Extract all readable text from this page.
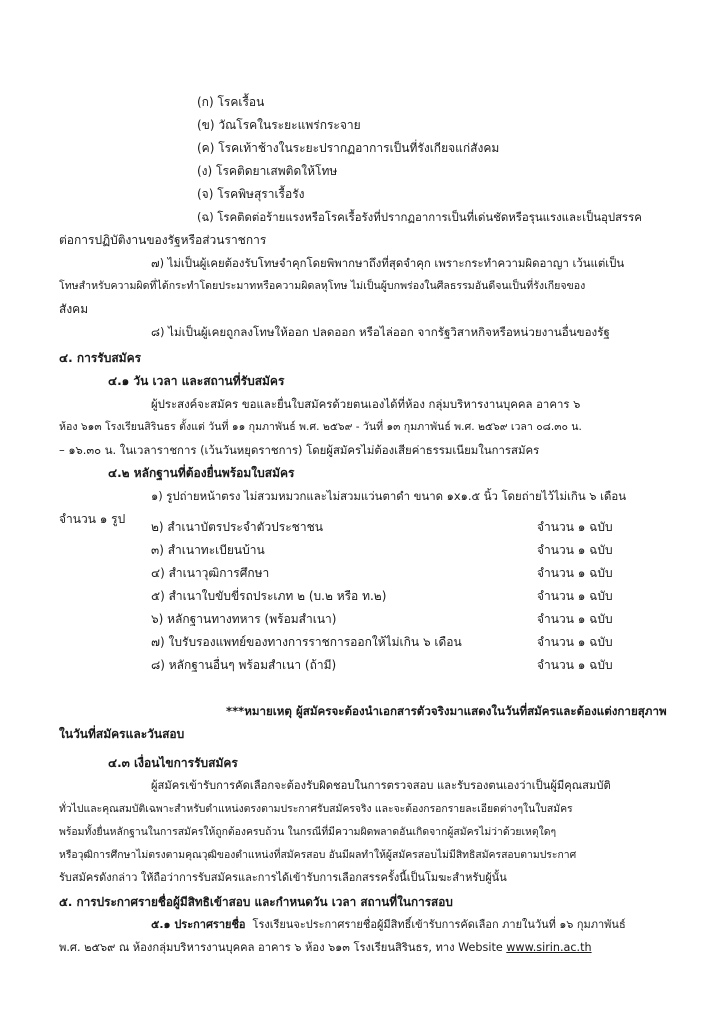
(ก) โรคเรื้อน
(ข) วัณโรคในระยะแพร่กระจาย
(ค) โรคเท้าช้างในระยะปรากฏอาการเป็นที่รังเกียจแก่สังคม
(ง) โรคติดยาเสพติดให้โทษ
(จ) โรคพิษสุราเรื้อรัง
(ฉ) โรคติดต่อร้ายแรงหรือโรคเรื้อรังที่ปรากฏอาการเป็นที่เด่นชัดหรือรุนแรงและเป็นอุปสรรค
ต่อการปฏิบัติงานของรัฐหรือส่วนราชการ
๗) ไม่เป็นผู้เคยต้องรับโทษจำคุกโดยพิพากษาถึงที่สุดจำคุก เพราะกระทำความผิดอาญา เว้นแต่เป็น
โทษสำหรับความผิดที่ได้กระทำโดยประมาทหรือความผิดลหุโทษ ไม่เป็นผู้บกพร่องในศีลธรรมอันดีจนเป็นที่รังเกียจของ
สังคม
๘) ไม่เป็นผู้เคยถูกลงโทษให้ออก ปลดออก หรือไล่ออก จากรัฐวิสาหกิจหรือหน่วยงานอื่นของรัฐ
๔. การรับสมัคร
๔.๑ วัน เวลา และสถานที่รับสมัคร
ผู้ประสงค์จะสมัคร ขอและยื่นใบสมัครด้วยตนเองได้ที่ห้อง กลุ่มบริหารงานบุคคล อาคาร ๖
ห้อง ๖๑๓ โรงเรียนสิรินธร ตั้งแต่ วันที่ ๑๑ กุมภาพันธ์ พ.ศ. ๒๕๖๙ - วันที่ ๑๓ กุมภาพันธ์ พ.ศ. ๒๕๖๙ เวลา ๐๘.๓๐ น.
– ๑๖.๓๐ น. ในเวลาราชการ (เว้นวันหยุดราชการ) โดยผู้สมัครไม่ต้องเสียค่าธรรมเนียมในการสมัคร
๔.๒ หลักฐานที่ต้องยื่นพร้อมใบสมัคร
๑) รูปถ่ายหน้าตรง ไม่สวมหมวกและไม่สวมแว่นตาดำ ขนาด ๑x๑.๕ นิ้ว โดยถ่ายไว้ไม่เกิน ๖ เดือน
จำนวน ๑ รูป
๒) สำเนาบัตรประจำตัวประชาชน	จำนวน ๑ ฉบับ
๓) สำเนาทะเบียนบ้าน	จำนวน ๑ ฉบับ
๔) สำเนาวุฒิการศึกษา	จำนวน ๑ ฉบับ
๕) สำเนาใบขับขี่รถประเภท ๒ (บ.๒ หรือ ท.๒)	จำนวน ๑ ฉบับ
๖) หลักฐานทางทหาร (พร้อมสำเนา)	จำนวน ๑ ฉบับ
๗) ใบรับรองแพทย์ของทางการราชการออกให้ไม่เกิน ๖ เดือน	จำนวน ๑ ฉบับ
๘) หลักฐานอื่นๆ พร้อมสำเนา (ถ้ามี)	จำนวน ๑ ฉบับ
***หมายเหตุ ผู้สมัครจะต้องนำเอกสารตัวจริงมาแสดงในวันที่สมัครและต้องแต่งกายสุภาพ
ในวันที่สมัครและวันสอบ
๔.๓ เงื่อนไขการรับสมัคร
ผู้สมัครเข้ารับการคัดเลือกจะต้องรับผิดชอบในการตรวจสอบ และรับรองตนเองว่าเป็นผู้มีคุณสมบัติ
ทั่วไปและคุณสมบัติเฉพาะสำหรับตำแหน่งตรงตามประกาศรับสมัครจริง และจะต้องกรอกรายละเอียดต่างๆในใบสมัคร
พร้อมทั้งยื่นหลักฐานในการสมัครให้ถูกต้องครบถ้วน ในกรณีที่มีความผิดพลาดอันเกิดจากผู้สมัครไม่ว่าด้วยเหตุใดๆ
หรือวุฒิการศึกษาไม่ตรงตามคุณวุฒิของตำแหน่งที่สมัครสอบ อันมีผลทำให้ผู้สมัครสอบไม่มีสิทธิสมัครสอบตามประกาศ
รับสมัครดังกล่าว ให้ถือว่าการรับสมัครและการได้เข้ารับการเลือกสรรครั้งนี้เป็นโมฆะสำหรับผู้นั้น
๕. การประกาศรายชื่อผู้มีสิทธิเข้าสอบ และกำหนดวัน เวลา สถานที่ในการสอบ
๕.๑ ประกาศรายชื่อ โรงเรียนจะประกาศรายชื่อผู้มีสิทธิ์เข้ารับการคัดเลือก ภายในวันที่ ๑๖ กุมภาพันธ์
พ.ศ. ๒๕๖๙ ณ ห้องกลุ่มบริหารงานบุคคล อาคาร ๖ ห้อง ๖๑๓ โรงเรียนสิรินธร, ทาง Website www.sirin.ac.th
